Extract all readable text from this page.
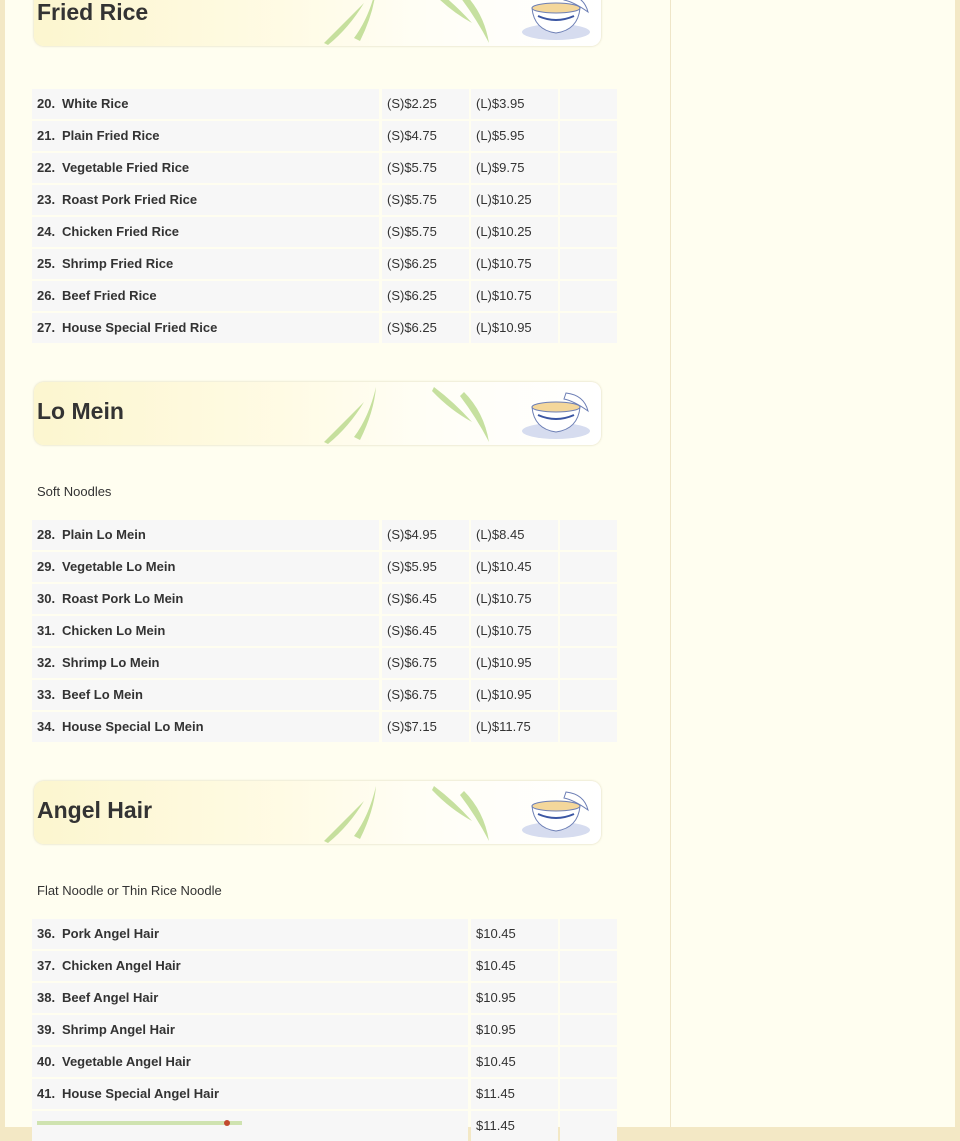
Fried Rice
20. White Rice	(S)$2.25	(L)$3.95
21. Plain Fried Rice	(S)$4.75	(L)$5.95
22. Vegetable Fried Rice	(S)$5.75	(L)$9.75
23. Roast Pork Fried Rice	(S)$5.75	(L)$10.25
24. Chicken Fried Rice	(S)$5.75	(L)$10.25
25. Shrimp Fried Rice	(S)$6.25	(L)$10.75
26. Beef Fried Rice	(S)$6.25	(L)$10.75
27. House Special Fried Rice	(S)$6.25	(L)$10.95
Lo Mein
Soft Noodles
28. Plain Lo Mein	(S)$4.95	(L)$8.45
29. Vegetable Lo Mein	(S)$5.95	(L)$10.45
30. Roast Pork Lo Mein	(S)$6.45	(L)$10.75
31. Chicken Lo Mein	(S)$6.45	(L)$10.75
32. Shrimp Lo Mein	(S)$6.75	(L)$10.95
33. Beef Lo Mein	(S)$6.75	(L)$10.95
34. House Special Lo Mein	(S)$7.15	(L)$11.75
Angel Hair
Flat Noodle or Thin Rice Noodle
36. Pork Angel Hair	$10.45
37. Chicken Angel Hair	$10.45
38. Beef Angel Hair	$10.95
39. Shrimp Angel Hair	$10.95
40. Vegetable Angel Hair	$10.45
41. House Special Angel Hair	$11.45
$11.45
